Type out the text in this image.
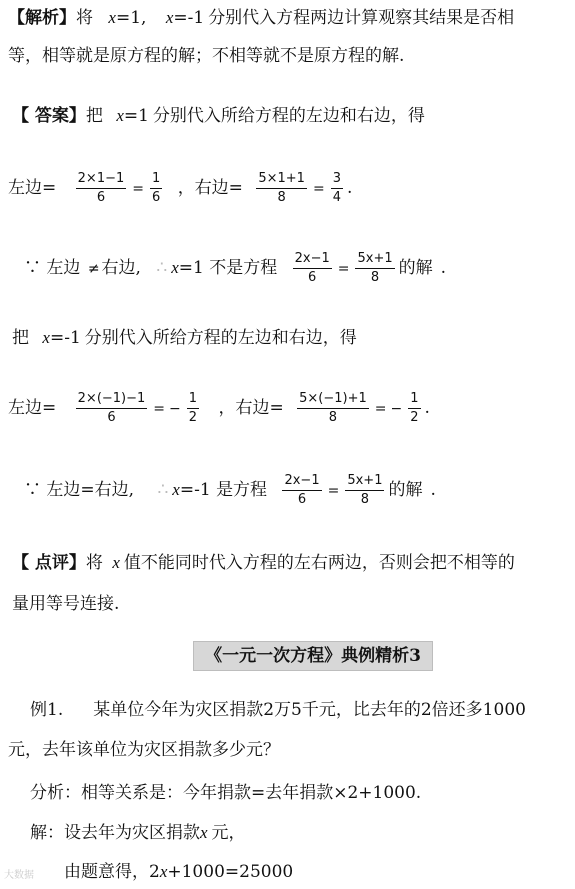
【解析】将 x=1, x=-1 分别代入方程两边计算观察其结果是否相
等，相等就是原方程的解；不相等就不是原方程的解.
【 答案】把 x=1 分别代入所给方程的左边和右边，得
左边= $\frac{2\times 1-1}{6} = \frac{1}{6}$ ，右边= $\frac{5\times 1+1}{8} = \frac{3}{4}$ .
∵ 左边 ≠ 右边, ∴ x=1 不是方程 $\frac{2x-1}{6} = \frac{5x+1}{8}$ 的解 .
把 x=-1 分别代入所给方程的左边和右边，得
左边= $\frac{2\times(-1)-1}{6}$ = − $\frac{1}{2}$ ，右边= $\frac{5\times(-1)+1}{8}$ = − $\frac{1}{2}$ .
∵ 左边=右边, ∴ x=-1 是方程 $\frac{2x-1}{6} = \frac{5x+1}{8}$ 的解 .
【 点评】将 x 值不能同时代入方程的左右两边，否则会把不相等的
量用等号连接.
《一元一次方程》典例精析3
例1. 某单位今年为灾区捐款2万5千元，比去年的2倍还多1000
元，去年该单位为灾区捐款多少元？
分析：相等关系是：今年捐款=去年捐款×2+1000.
解：设去年为灾区捐款x 元，
由题意得，2x+1000=25000
大数据
